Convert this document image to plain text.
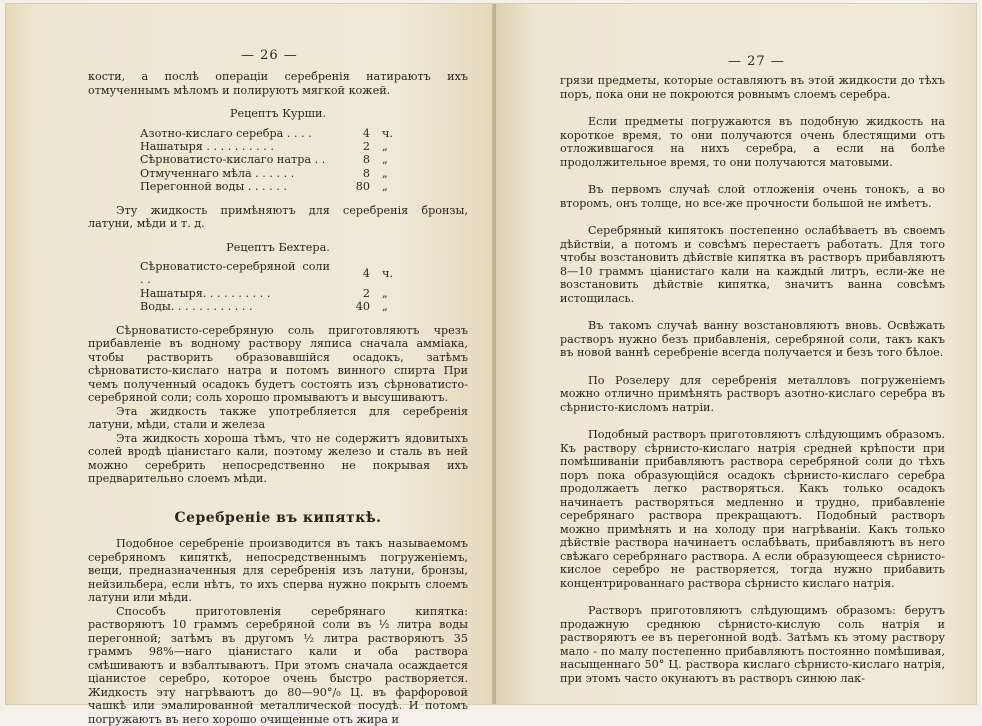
— 26 —

кости, а послѣ операціи серебренія натираютъ ихъ отмученнымъ мѣломъ и полируютъ мягкой кожей.

Рецептъ Курши.

Азотно-кислаго серебра . . . .	4	ч.
Нашатыря . . . . . . . . . .	2	„
Сѣрноватисто-кислаго натра . .	8	„
Отмученнаго мѣла . . . . . .	8	„
Перегонной воды . . . . . .	80	„

Эту жидкость примѣняютъ для серебренія бронзы, латуни, мѣди и т. д.

Рецептъ Бехтера.

Сѣрноватисто-серебряной соли . .	4	ч.
Нашатыря. . . . . . . . . .	2	„
Воды. . . . . . . . . . . .	40	„

Сѣрноватисто-серебряную соль приготовляютъ чрезъ прибавленіе въ водному раствору ляписа сначала аммiака, чтобы растворить образовавшійся осадокъ, затѣмъ сѣрноватисто-кислаго натра и потомъ винного спирта При чемъ полученный осадокъ будетъ состоять изъ сѣрноватисто-серебряной соли; соль хорошо промываютъ и высушиваютъ.

Эта жидкость также употребляется для серебренія латуни, мѣди, стали и железа

Эта жидкость хороша тѣмъ, что не содержитъ ядовитыхъ солей вродѣ ціанистаго кали, поэтому железо и сталь въ ней можно серебрить непосредственно не покрывая ихъ предварительно слоемъ мѣди.

Серебреніе въ кипяткѣ.

Подобное серебреніе производится въ такъ называемомъ серебряномъ кипяткѣ, непосредственнымъ погруженіемъ, вещи, предназначенныя для серебренія изъ латуни, бронзы, нейзильбера, если нѣтъ, то ихъ сперва нужно покрыть слоемъ латуни или мѣди.

Способъ приготовленія серебрянаго кипятка: растворяютъ 10 граммъ серебряной соли въ ½ литра воды перегонной; затѣмъ въ другомъ ½ литра растворяютъ 35 граммъ 98%—наго ціанистаго кали и оба раствора смѣшиваютъ и взбалтываютъ. При этомъ сначала осаждается ціанистое серебро, которое очень быстро растворяется. Жидкость эту нагрѣваютъ до 80—90°/₀ Ц. въ фарфоровой чашкѣ или эмалированной металлической посудѣ. И потомъ погружаютъ въ него хорошо очищенные отъ жира и

— 27 —

грязи предметы, которые оставляютъ въ этой жидкости до тѣхъ поръ, пока они не покроются ровнымъ слоемъ серебра.

Если предметы погружаются въ подобную жидкость на короткое время, то они получаются очень блестящими отъ отложившагося на нихъ серебра, а если на болѣе продолжительное время, то они получаются матовыми.

Въ первомъ случаѣ слой отложенія очень тонокъ, а во второмъ, онъ толще, но все-же прочности большой не имѣетъ.

Серебряный кипятокъ постепенно ослабѣваетъ въ своемъ дѣйствіи, а потомъ и совсѣмъ перестаетъ работать. Для того чтобы возстановить дѣйствіе кипятка въ растворъ прибавляютъ 8—10 граммъ ціанистаго кали на каждый литръ, если-же не возстановить дѣйствіе кипятка, значитъ ванна совсѣмъ истощилась.

Въ такомъ случаѣ ванну возстановляютъ вновь. Освѣжать растворъ нужно безъ прибавленія, серебряной соли, такъ какъ въ новой ваннѣ серебреніе всегда получается и безъ того бѣлое.

По Розелеру для серебренія металловъ погруженіемъ можно отлично примѣнять растворъ азотно-кислаго серебра въ сѣрнисто-кисломъ натріи.

Подобный растворъ приготовляютъ слѣдующимъ образомъ. Къ раствору сѣрнисто-кислаго натрія средней крѣпости при помѣшиваніи прибавляютъ раствора серебряной соли до тѣхъ поръ пока образующійся осадокъ сѣрнисто-кислаго серебра продолжаетъ легко растворяться. Какъ только осадокъ начинаетъ растворяться медленно и трудно, прибавленіе серебрянаго раствора прекращаютъ. Подобный растворъ можно примѣнять и на холоду при нагрѣваніи. Какъ только дѣйствіе раствора начинаетъ ослабѣвать, прибавляютъ въ него свѣжаго серебрянаго раствора. А если образующееся сѣрнисто-кислое серебро не растворяется, тогда нужно прибавить концентрированнаго раствора сѣрнисто кислаго натрія.

Растворъ приготовляютъ слѣдующимъ образомъ: берутъ продажную среднюю сѣрнисто-кислую соль натрія и растворяютъ ее въ перегонной водѣ. Затѣмъ къ этому раствору мало - по малу постепенно прибавляютъ постоянно помѣшивая, насыщеннаго 50° Ц. раствора кислаго сѣрнисто-кислаго натрія, при этомъ часто окунаютъ въ растворъ синюю лак-
